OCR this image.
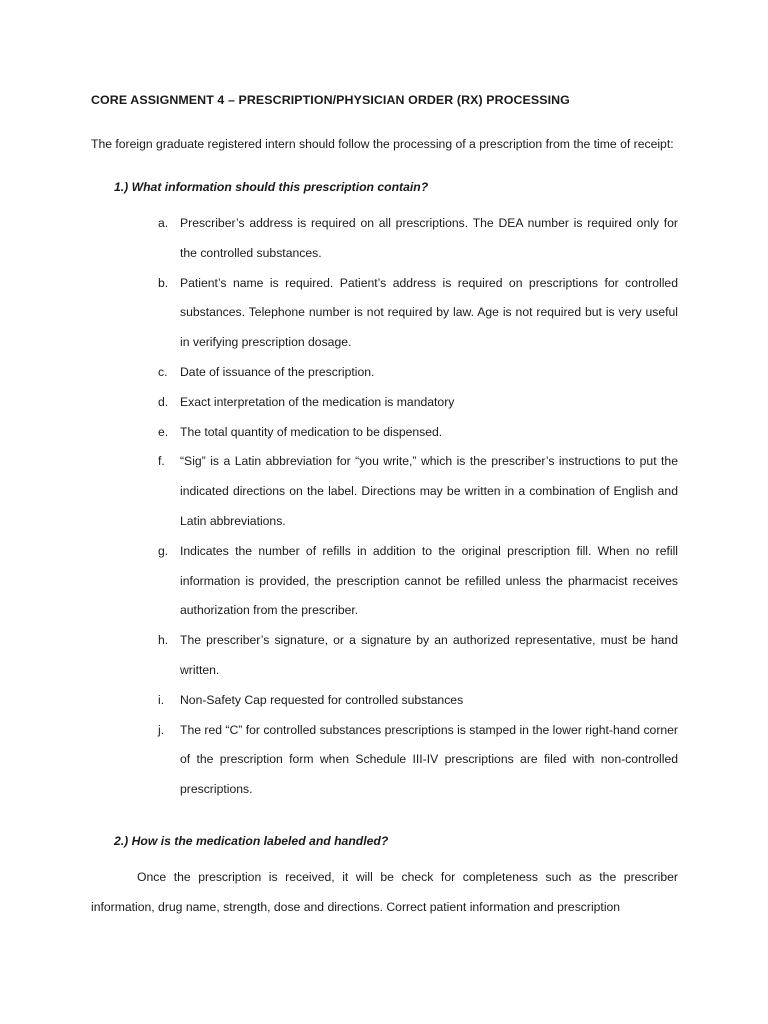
CORE ASSIGNMENT 4 – PRESCRIPTION/PHYSICIAN ORDER (RX) PROCESSING
The foreign graduate registered intern should follow the processing of a prescription from the time of receipt:
1.) What information should this prescription contain?
a. Prescriber’s address is required on all prescriptions. The DEA number is required only for the controlled substances.
b. Patient’s name is required. Patient’s address is required on prescriptions for controlled substances. Telephone number is not required by law. Age is not required but is very useful in verifying prescription dosage.
c. Date of issuance of the prescription.
d. Exact interpretation of the medication is mandatory
e. The total quantity of medication to be dispensed.
f. “Sig” is a Latin abbreviation for “you write,” which is the prescriber’s instructions to put the indicated directions on the label. Directions may be written in a combination of English and Latin abbreviations.
g. Indicates the number of refills in addition to the original prescription fill. When no refill information is provided, the prescription cannot be refilled unless the pharmacist receives authorization from the prescriber.
h. The prescriber’s signature, or a signature by an authorized representative, must be hand written.
i. Non-Safety Cap requested for controlled substances
j. The red “C” for controlled substances prescriptions is stamped in the lower right-hand corner of the prescription form when Schedule III-IV prescriptions are filed with non-controlled prescriptions.
2.) How is the medication labeled and handled?
Once the prescription is received, it will be check for completeness such as the prescriber information, drug name, strength, dose and directions. Correct patient information and prescription
